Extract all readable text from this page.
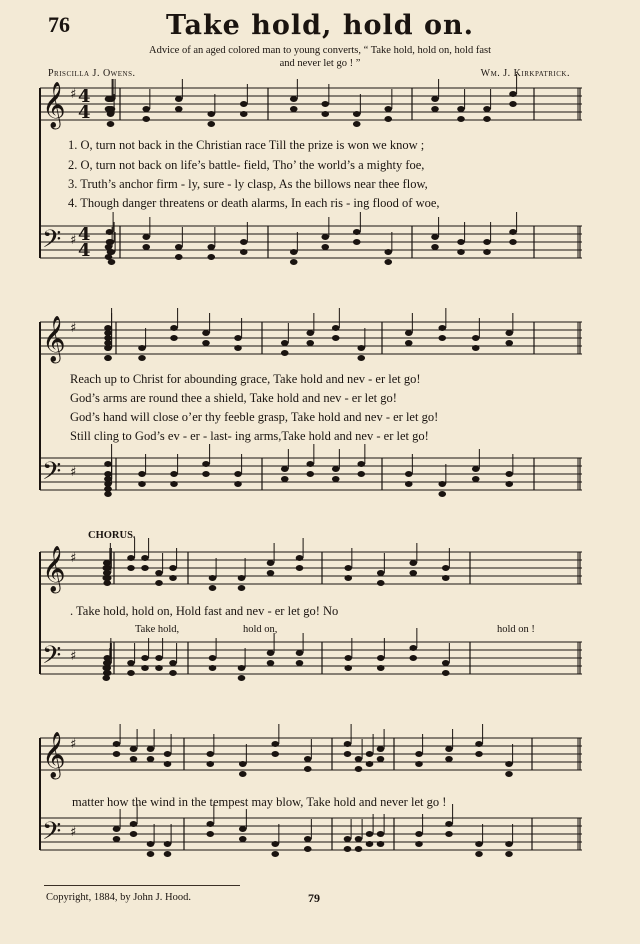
76	Take hold, hold on.
Advice of an aged colored man to young converts, “ Take hold, hold on, hold fast
and never let go ! ”
Priscilla J. Owens.	Wm. J. Kirkpatrick.
𝄞 ♯
𝄢 ♯
𝄞 ♯
𝄢 ♯
𝄞 ♯
𝄢 ♯
𝄞 ♯
𝄢 ♯
4
4
4
4
1. O, turn not back in the Christian race Till the prize is won we know ;
2. O, turn not back on life’s battle- field, Tho’ the world’s a mighty foe,
3. Truth’s anchor firm - ly, sure - ly clasp, As the billows near thee flow,
4. Though danger threatens or death alarms, In each ris - ing flood of woe,
Reach up to Christ for abounding grace, Take hold and nev - er let go!
God’s arms are round thee a shield, Take hold and nev - er let go!
God’s hand will close o’er thy feeble grasp, Take hold and nev - er let go!
Still cling to God’s ev - er - last- ing arms,Take hold and nev - er let go!
CHORUS.
. Take hold, hold on, Hold fast and nev - er let go! No
Take hold,	hold on,	hold on !
matter how the wind in the tempest may blow, Take hold and never let go !
Copyright, 1884, by John J. Hood.	79
